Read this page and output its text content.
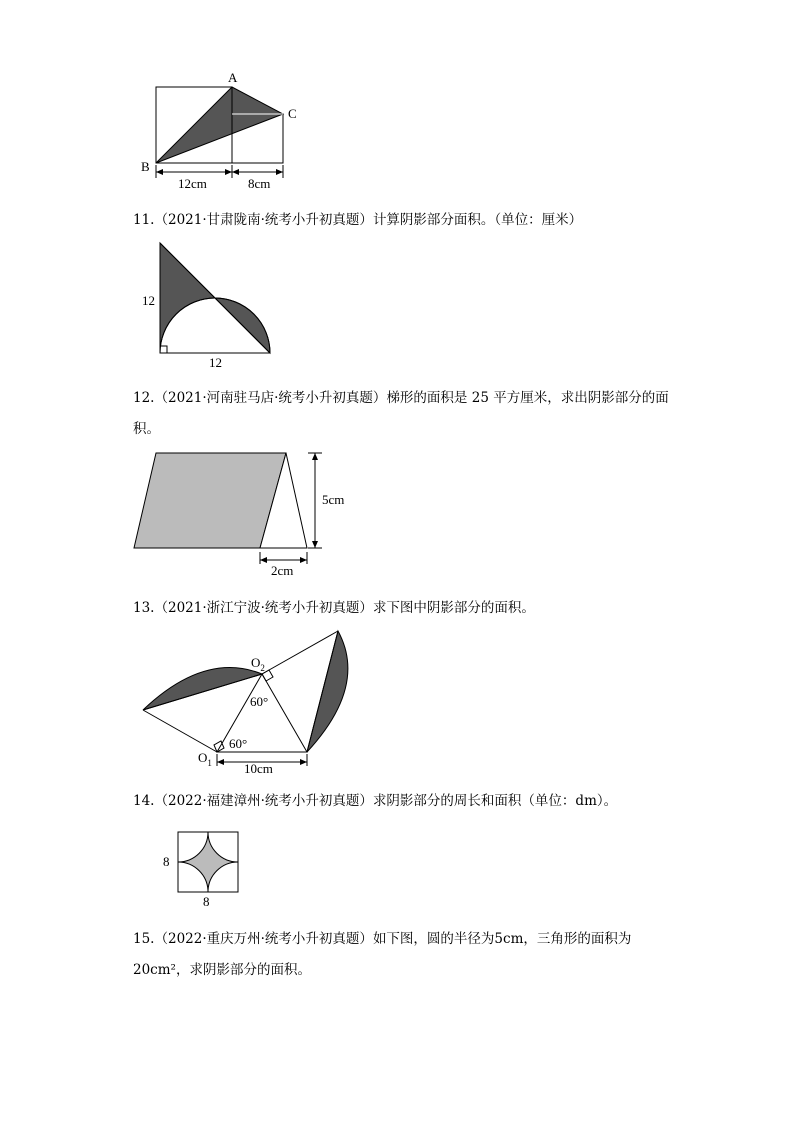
A
B
C
12cm	8cm

11.（2021·甘肃陇南·统考小升初真题）计算阴影部分面积。（单位：厘米）

12
12

12.（2021·河南驻马店·统考小升初真题）梯形的面积是 25 平方厘米，求出阴影部分的面积。

5cm
2cm

13.（2021·浙江宁波·统考小升初真题）求下图中阴影部分的面积。

$O_2$
$O_1$
60°
60°
10cm

14.（2022·福建漳州·统考小升初真题）求阴影部分的周长和面积（单位：dm）。

8
8

15.（2022·重庆万州·统考小升初真题）如下图，圆的半径为5cm，三角形的面积为20cm²，求阴影部分的面积。
